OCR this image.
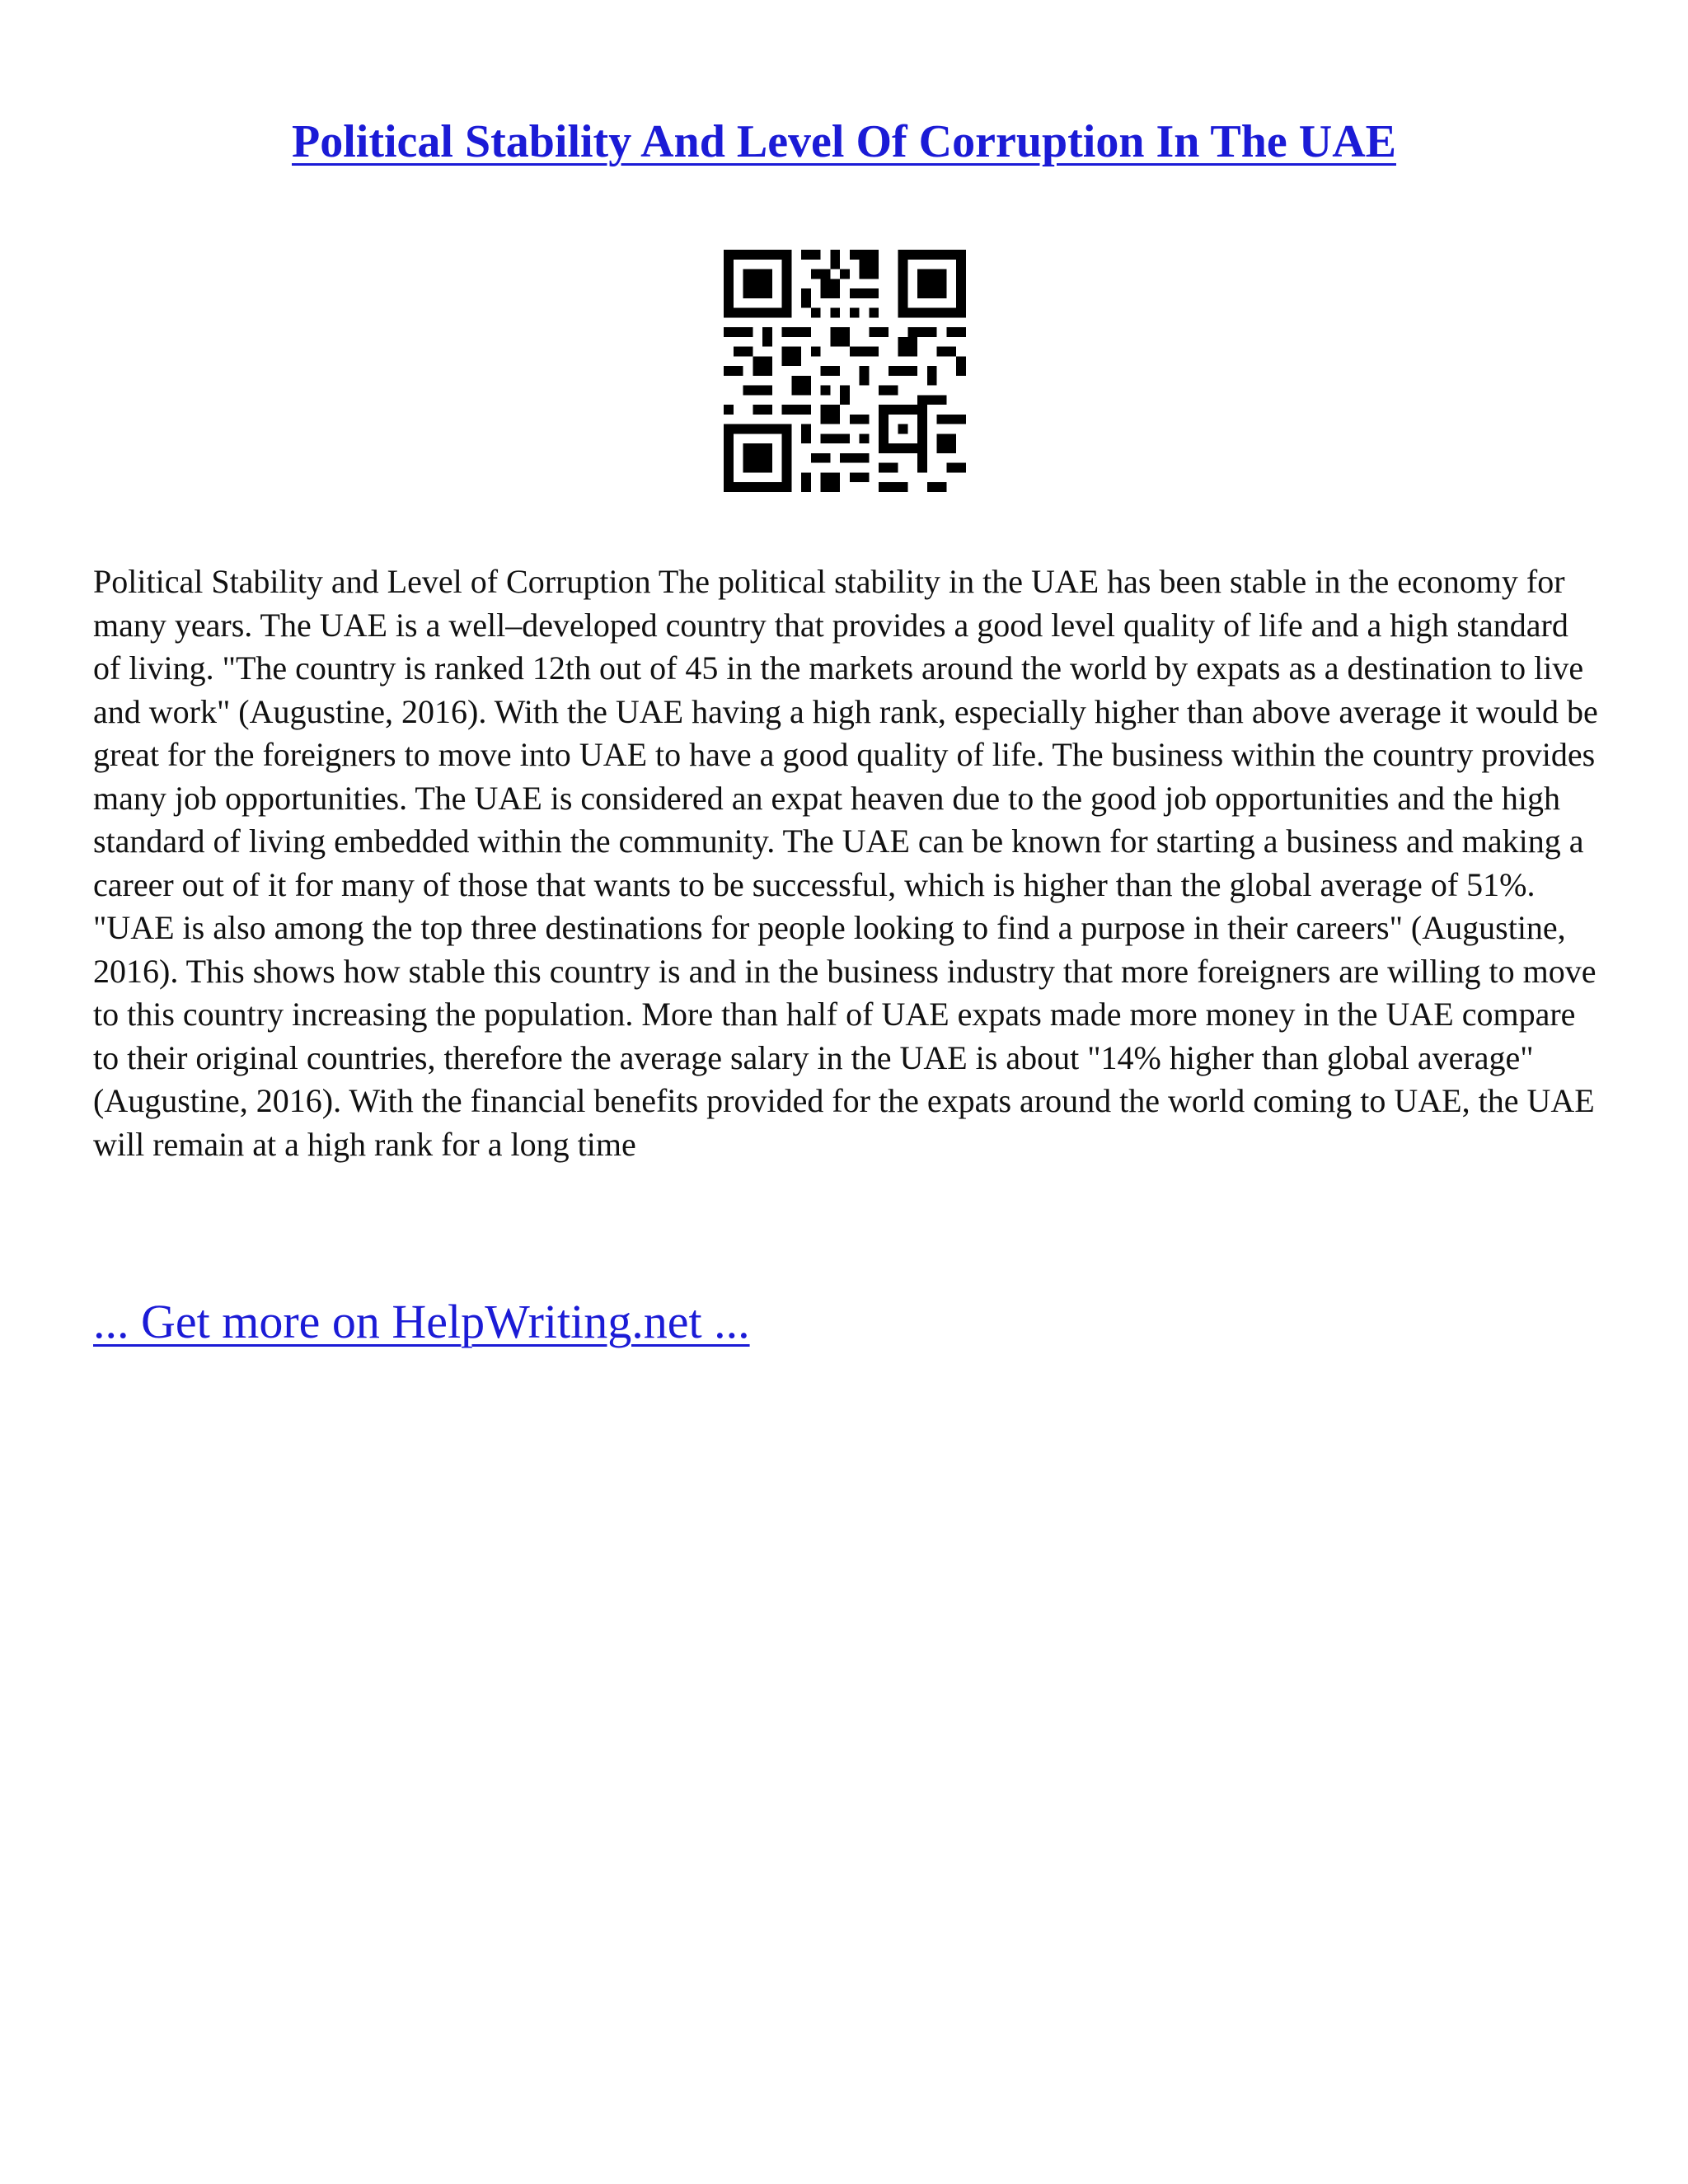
Political Stability And Level Of Corruption In The UAE

Political Stability and Level of Corruption The political stability in the UAE has been stable in the economy for many years. The UAE is a well–developed country that provides a good level quality of life and a high standard of living. "The country is ranked 12th out of 45 in the markets around the world by expats as a destination to live and work" (Augustine, 2016). With the UAE having a high rank, especially higher than above average it would be great for the foreigners to move into UAE to have a good quality of life. The business within the country provides many job opportunities. The UAE is considered an expat heaven due to the good job opportunities and the high standard of living embedded within the community. The UAE can be known for starting a business and making a career out of it for many of those that wants to be successful, which is higher than the global average of 51%. "UAE is also among the top three destinations for people looking to find a purpose in their careers" (Augustine, 2016). This shows how stable this country is and in the business industry that more foreigners are willing to move to this country increasing the population. More than half of UAE expats made more money in the UAE compare to their original countries, therefore the average salary in the UAE is about "14% higher than global average" (Augustine, 2016). With the financial benefits provided for the expats around the world coming to UAE, the UAE will remain at a high rank for a long time

... Get more on HelpWriting.net ...
